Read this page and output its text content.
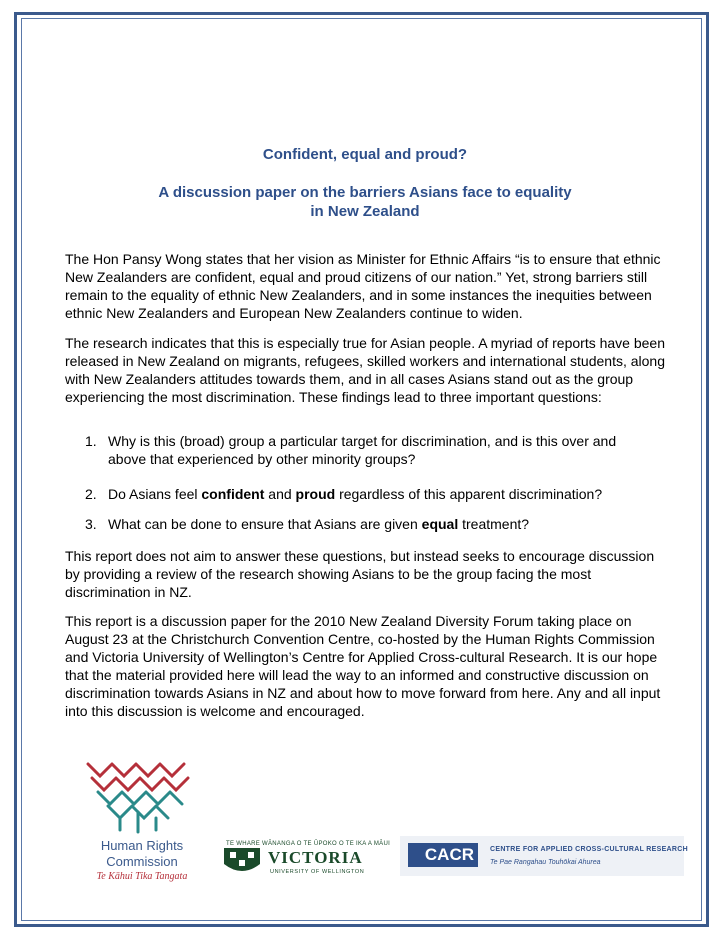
Confident, equal and proud?
A discussion paper on the barriers Asians face to equality
in New Zealand

The Hon Pansy Wong states that her vision as Minister for Ethnic Affairs “is to ensure that ethnic New Zealanders are confident, equal and proud citizens of our nation.” Yet, strong barriers still remain to the equality of ethnic New Zealanders, and in some instances the inequities between ethnic New Zealanders and European New Zealanders continue to widen.

The research indicates that this is especially true for Asian people. A myriad of reports have been released in New Zealand on migrants, refugees, skilled workers and international students, along with New Zealanders attitudes towards them, and in all cases Asians stand out as the group experiencing the most discrimination. These findings lead to three important questions:

1. Why is this (broad) group a particular target for discrimination, and is this over and above that experienced by other minority groups?
2. Do Asians feel confident and proud regardless of this apparent discrimination?
3. What can be done to ensure that Asians are given equal treatment?

This report does not aim to answer these questions, but instead seeks to encourage discussion by providing a review of the research showing Asians to be the group facing the most discrimination in NZ.

This report is a discussion paper for the 2010 New Zealand Diversity Forum taking place on August 23 at the Christchurch Convention Centre, co-hosted by the Human Rights Commission and Victoria University of Wellington’s Centre for Applied Cross-cultural Research. It is our hope that the material provided here will lead the way to an informed and constructive discussion on discrimination towards Asians in NZ and about how to move forward from here. Any and all input into this discussion is welcome and encouraged.

Human Rights
Commission
Te Kāhui Tika Tangata
TE WHARE WĀNANGA O TE ŪPOKO O TE IKA A MĀUI
VICTORIA
UNIVERSITY OF WELLINGTON
CACR	CENTRE FOR APPLIED CROSS-CULTURAL RESEARCH
Te Pae Rangahau Touhōkai Ahurea
